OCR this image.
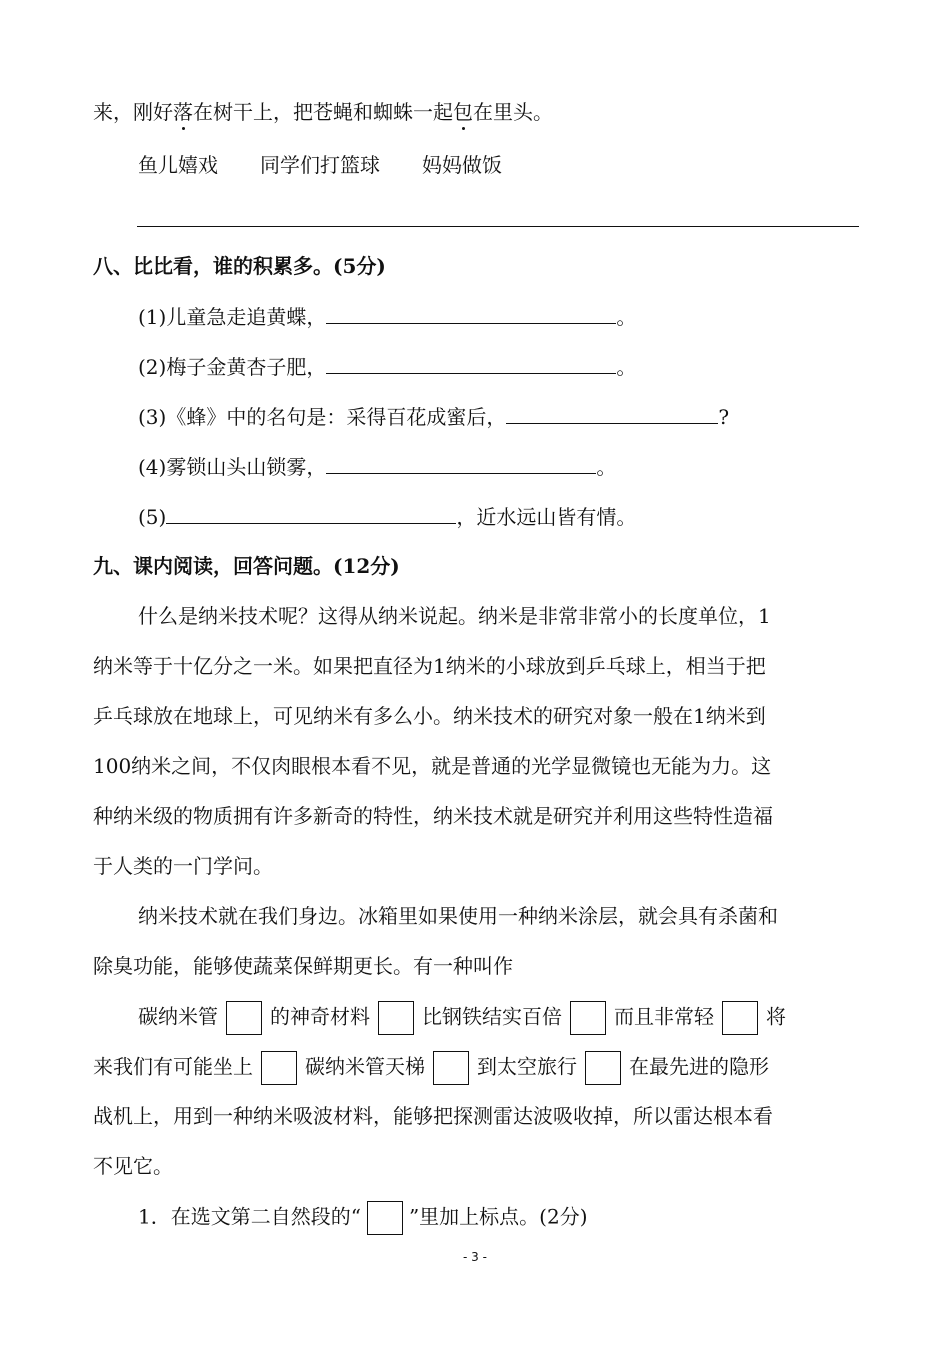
来，刚好落在树干上，把苍蝇和蜘蛛一起包在里头。
鱼儿嬉戏 同学们打篮球 妈妈做饭
八、比比看，谁的积累多。(5分)
(1)儿童急走追黄蝶，	。
(2)梅子金黄杏子肥，	。
(3)《蜂》中的名句是：采得百花成蜜后，	?
(4)雾锁山头山锁雾，	。
(5)	，近水远山皆有情。
九、课内阅读，回答问题。(12分)
什么是纳米技术呢？这得从纳米说起。纳米是非常非常小的长度单位，1
纳米等于十亿分之一米。如果把直径为1纳米的小球放到乒乓球上，相当于把
乒乓球放在地球上，可见纳米有多么小。纳米技术的研究对象一般在1纳米到
100纳米之间，不仅肉眼根本看不见，就是普通的光学显微镜也无能为力。这
种纳米级的物质拥有许多新奇的特性，纳米技术就是研究并利用这些特性造福
于人类的一门学问。
纳米技术就在我们身边。冰箱里如果使用一种纳米涂层，就会具有杀菌和
除臭功能，能够使蔬菜保鲜期更长。有一种叫作
碳纳米管	的神奇材料	比钢铁结实百倍	而且非常轻	将
来我们有可能坐上	碳纳米管天梯	到太空旅行	在最先进的隐形
战机上，用到一种纳米吸波材料，能够把探测雷达波吸收掉，所以雷达根本看
不见它。
1．在选文第二自然段的“ ”里加上标点。(2分)
- 3 -
